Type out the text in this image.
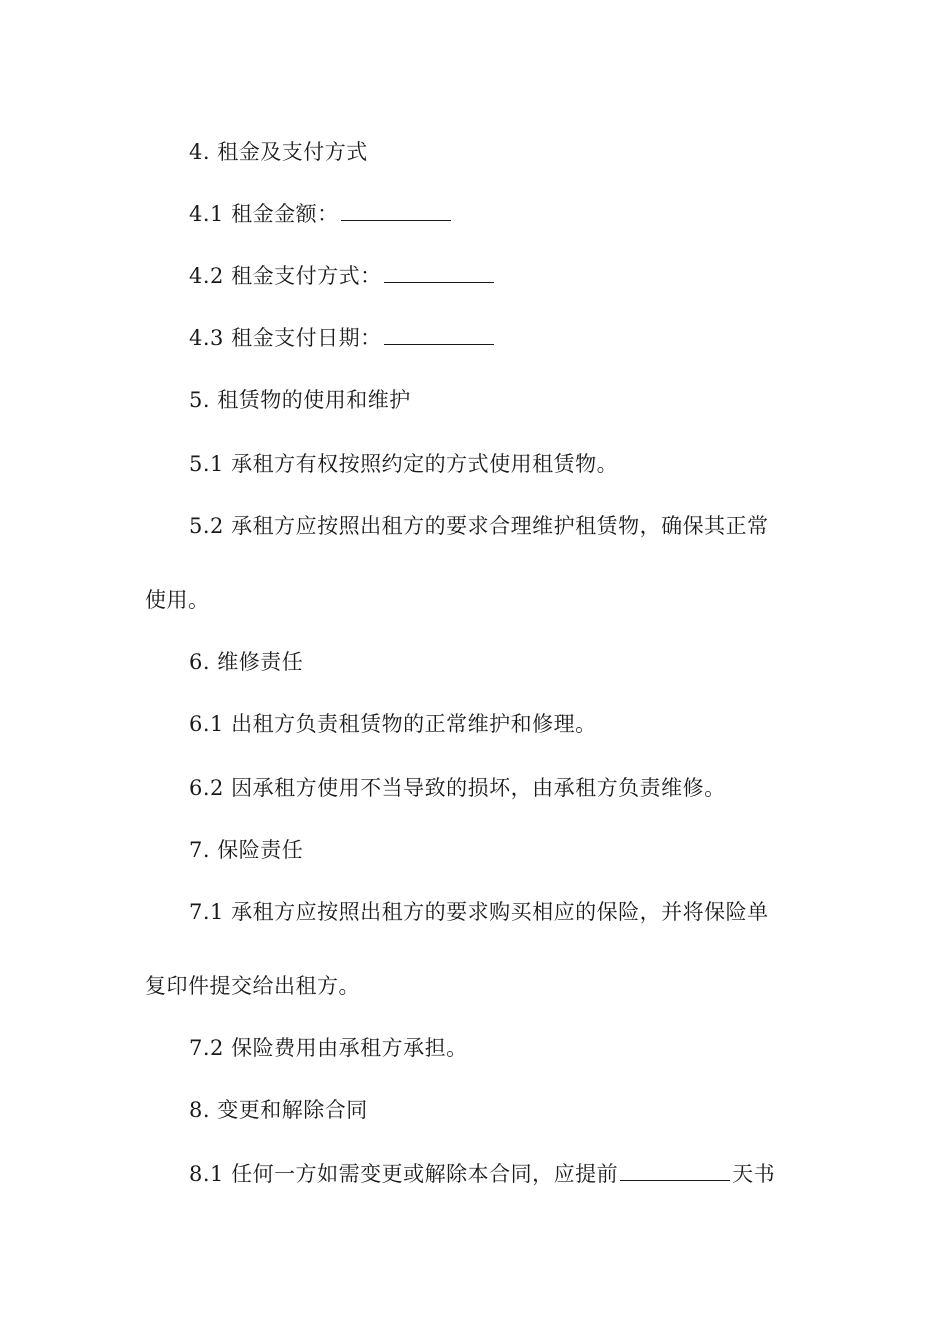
4. 租金及支付方式
4.1 租金金额：
4.2 租金支付方式：
4.3 租金支付日期：
5. 租赁物的使用和维护
5.1 承租方有权按照约定的方式使用租赁物。
5.2 承租方应按照出租方的要求合理维护租赁物，确保其正常
使用。
6. 维修责任
6.1 出租方负责租赁物的正常维护和修理。
6.2 因承租方使用不当导致的损坏，由承租方负责维修。
7. 保险责任
7.1 承租方应按照出租方的要求购买相应的保险，并将保险单
复印件提交给出租方。
7.2 保险费用由承租方承担。
8. 变更和解除合同
8.1 任何一方如需变更或解除本合同，应提前	天书
